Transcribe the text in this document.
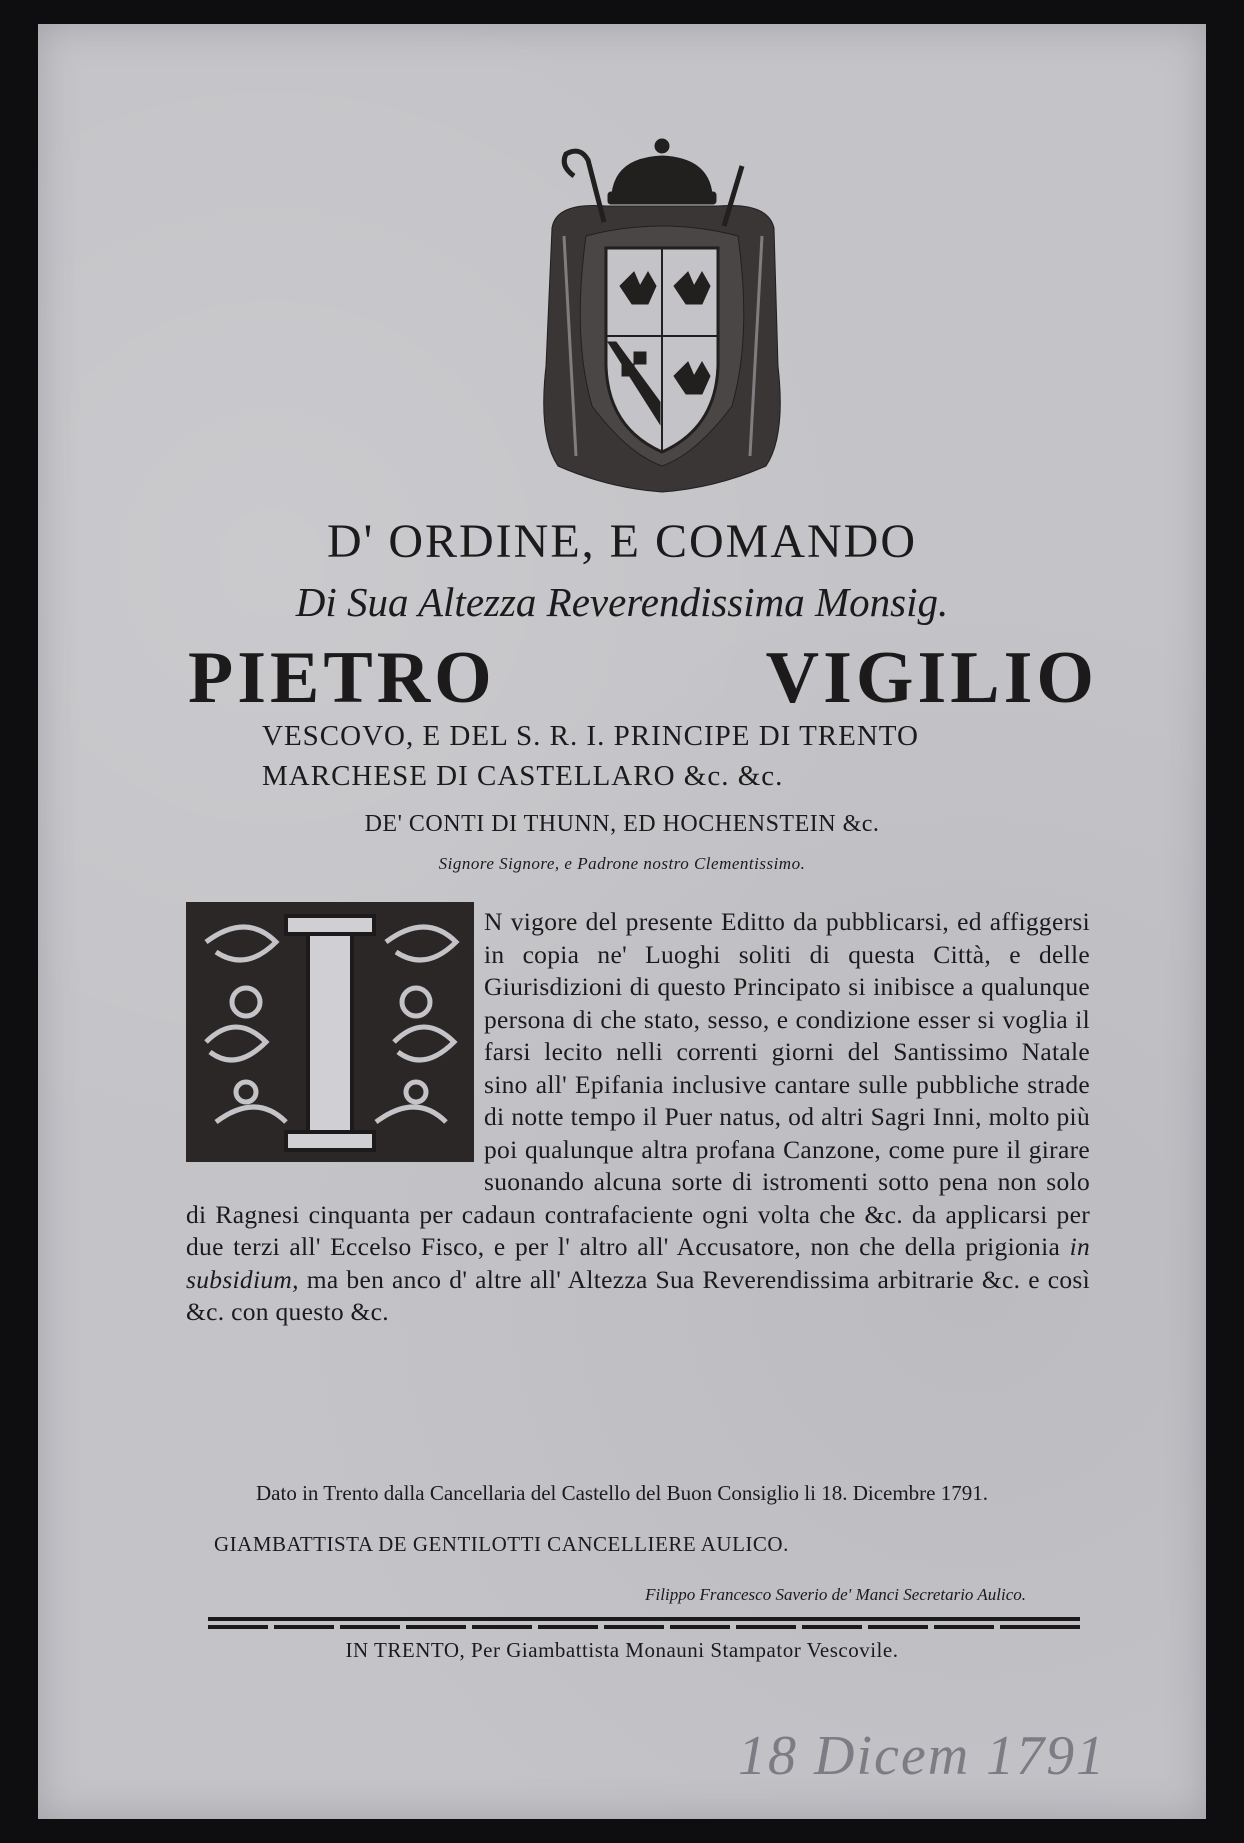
D' ORDINE, E COMANDO

Di Sua Altezza Reverendissima Monsig.

PIETRO VIGILIO

VESCOVO, E DEL S. R. I. PRINCIPE DI TRENTO

MARCHESE DI CASTELLARO &c. &c.

DE' CONTI DI THUNN, ED HOCHENSTEIN &c.

Signore Signore, e Padrone nostro Clementissimo.

N vigore del presente Editto da pubblicarsi, ed affiggersi in copia ne' Luoghi soliti di questa Città, e delle Giurisdizioni di questo Principato si inibisce a qualunque persona di che stato, sesso, e condizione esser si voglia il farsi lecito nelli correnti giorni del Santissimo Natale sino all' Epifania inclusive cantare sulle pubbliche strade di notte tempo il Puer natus, od altri Sagri Inni, molto più poi qualunque altra profana Canzone, come pure il girare suonando alcuna sorte di istromenti sotto pena non solo di Ragnesi cinquanta per cadaun contrafaciente ogni volta che &c. da applicarsi per due terzi all' Eccelso Fisco, e per l' altro all' Accusatore, non che della prigionia in subsidium, ma ben anco d' altre all' Altezza Sua Reverendissima arbitrarie &c. e così &c. con questo &c.

Dato in Trento dalla Cancellaria del Castello del Buon Consiglio li 18. Dicembre 1791.
GIAMBATTISTA DE GENTILOTTI CANCELLIERE AULICO.
Filippo Francesco Saverio de' Manci Secretario Aulico.
IN TRENTO, Per Giambattista Monauni Stampator Vescovile.
18 Dicem 1791
